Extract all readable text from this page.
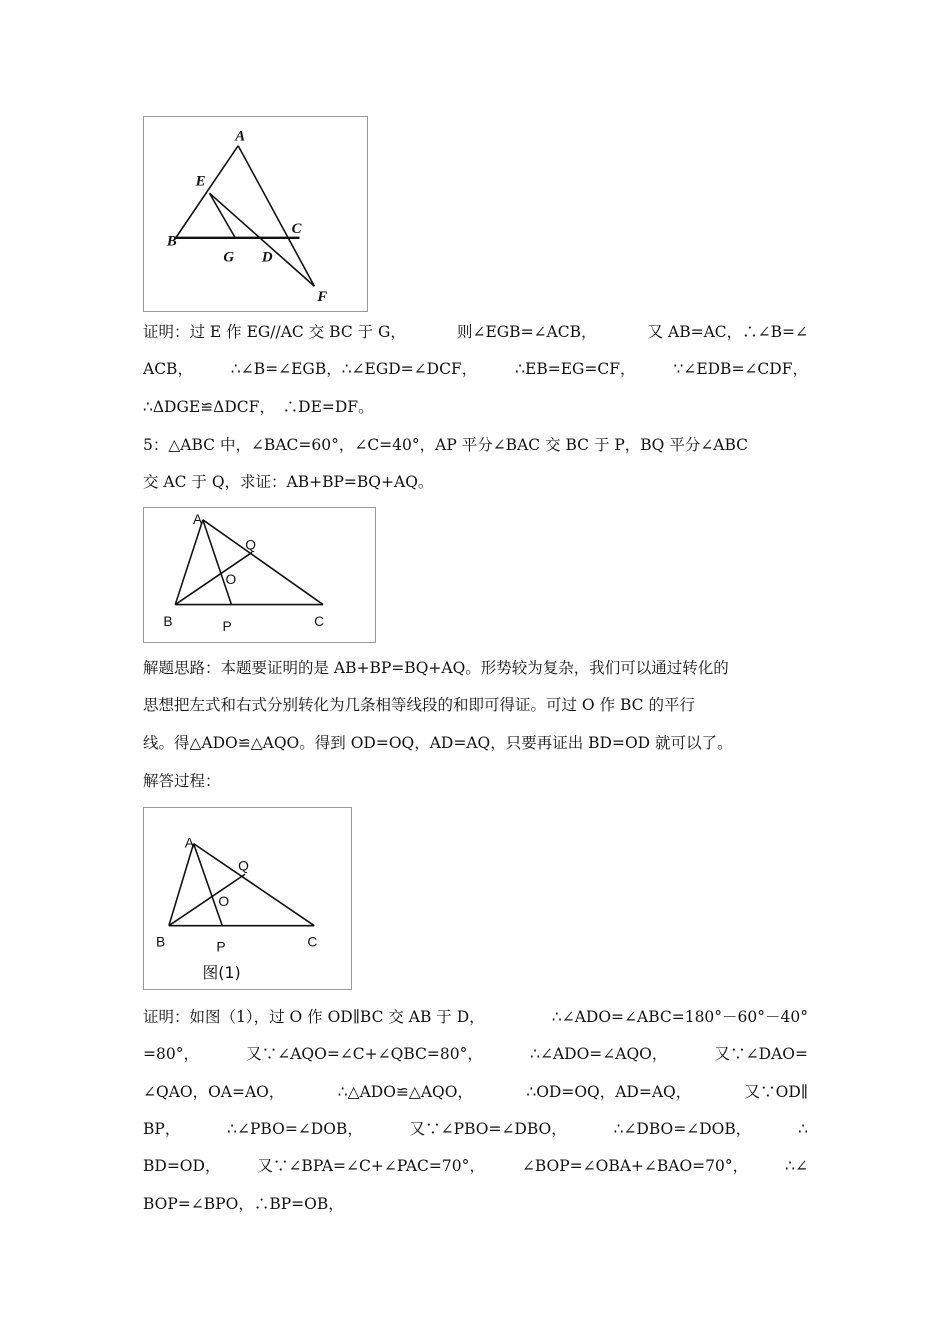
A
E
B
C
G D
F
证明：过 E 作 EG//AC 交 BC 于 G，	则∠EGB=∠ACB，	又 AB=AC，∴∠B=∠
ACB， ∴∠B=∠EGB，∴∠EGD=∠DCF， ∴EB=EG=CF， ∵∠EDB=∠CDF，
∴ΔDGE≌ΔDCF，　∴DE=DF。
5：△ABC 中，∠BAC=60°，∠C=40°，AP 平分∠BAC 交 BC 于 P，BQ 平分∠ABC
交 AC 于 Q，求证：AB+BP=BQ+AQ。
A
Q
O
B	P	C
解题思路：本题要证明的是 AB+BP=BQ+AQ。形势较为复杂，我们可以通过转化的
思想把左式和右式分别转化为几条相等线段的和即可得证。可过 O 作 BC 的平行
线。得△ADO≌△AQO。得到 OD=OQ，AD=AQ，只要再证出 BD=OD 就可以了。
解答过程：
A
Q
O
B	P	C
图(1)
证明：如图（1），过 O 作 OD∥BC 交 AB 于 D，	∴∠ADO=∠ABC=180°－60°－40°
=80°，	又∵∠AQO=∠C+∠QBC=80°，	∴∠ADO=∠AQO，	又∵∠DAO=
∠QAO，OA=AO，	∴△ADO≌△AQO，	∴OD=OQ，AD=AQ，	又∵OD∥
BP，	∴∠PBO=∠DOB，	又∵∠PBO=∠DBO，	∴∠DBO=∠DOB，	∴
BD=OD， 又∵∠BPA=∠C+∠PAC=70°， ∠BOP=∠OBA+∠BAO=70°， ∴∠
BOP=∠BPO，∴BP=OB，
